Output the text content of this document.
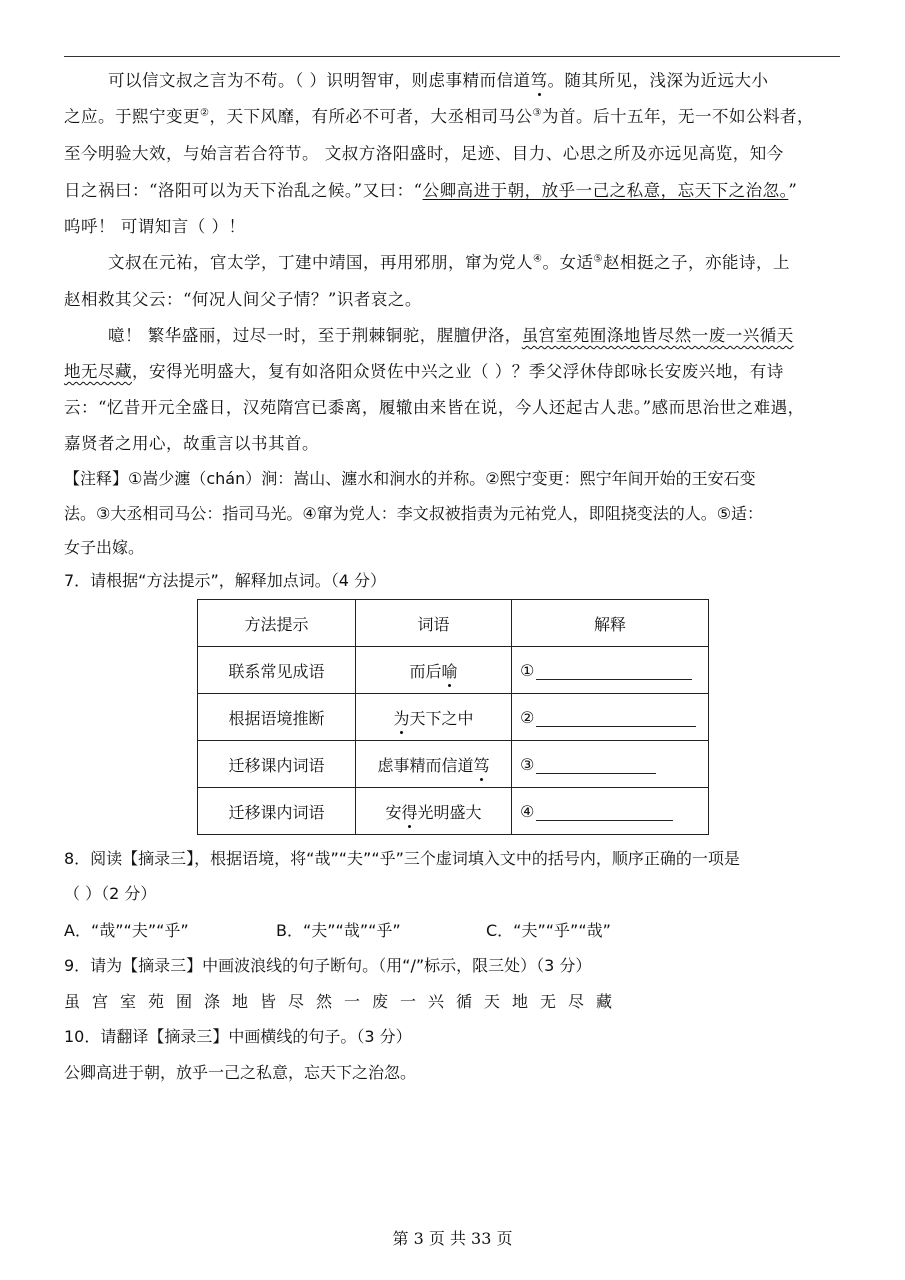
可以信文叔之言为不苟。（ ）识明智审，则虑事精而信道笃。随其所见，浅深为近远大小
之应。于熙宁变更②，天下风靡，有所必不可者，大丞相司马公③为首。后十五年，无一不如公料者，
至今明验大效，与始言若合符节。 文叔方洛阳盛时，足迹、目力、心思之所及亦远见高览，知今
日之祸曰：“洛阳可以为天下治乱之候。”又曰：“公卿高进于朝，放乎一己之私意，忘天下之治忽。”
呜呼！ 可谓知言（ ）！
文叔在元祐，官太学，丁建中靖国，再用邪朋，窜为党人④。女适⑤赵相挺之子，亦能诗，上
赵相救其父云：“何况人间父子情？”识者哀之。
噫！ 繁华盛丽，过尽一时，至于荆棘铜驼，腥膻伊洛，虽宫室苑囿涤地皆尽然一废一兴循天
地无尽藏，安得光明盛大，复有如洛阳众贤佐中兴之业（ ）？季父浮休侍郎咏长安废兴地，有诗
云：“忆昔开元全盛日，汉苑隋宫已黍离，履辙由来皆在说，今人还起古人悲。”感而思治世之难遇，
嘉贤者之用心，故重言以书其首。
【注释】①嵩少瀍（chán）涧：嵩山、瀍水和涧水的并称。②熙宁变更：熙宁年间开始的王安石变
法。③大丞相司马公：指司马光。④窜为党人：李文叔被指责为元祐党人，即阻挠变法的人。⑤适：
女子出嫁。
7．请根据“方法提示”，解释加点词。（4 分）
方法提示	词语	解释
联系常见成语	而后喻	①
根据语境推断	为天下之中	②
迁移课内词语	虑事精而信道笃	③
迁移课内词语	安得光明盛大	④
8．阅读【摘录三】，根据语境，将“哉”“夫”“乎”三个虚词填入文中的括号内，顺序正确的一项是
（ ）（2 分）
A．“哉”“夫”“乎”	B．“夫”“哉”“乎”	C．“夫”“乎”“哉”
9．请为【摘录三】中画波浪线的句子断句。（用“/”标示，限三处）（3 分）
虽宫室苑囿涤地皆尽然一废一兴循天地无尽藏
10．请翻译【摘录三】中画横线的句子。（3 分）
公卿高进于朝，放乎一己之私意，忘天下之治忽。
第 3 页 共 33 页
